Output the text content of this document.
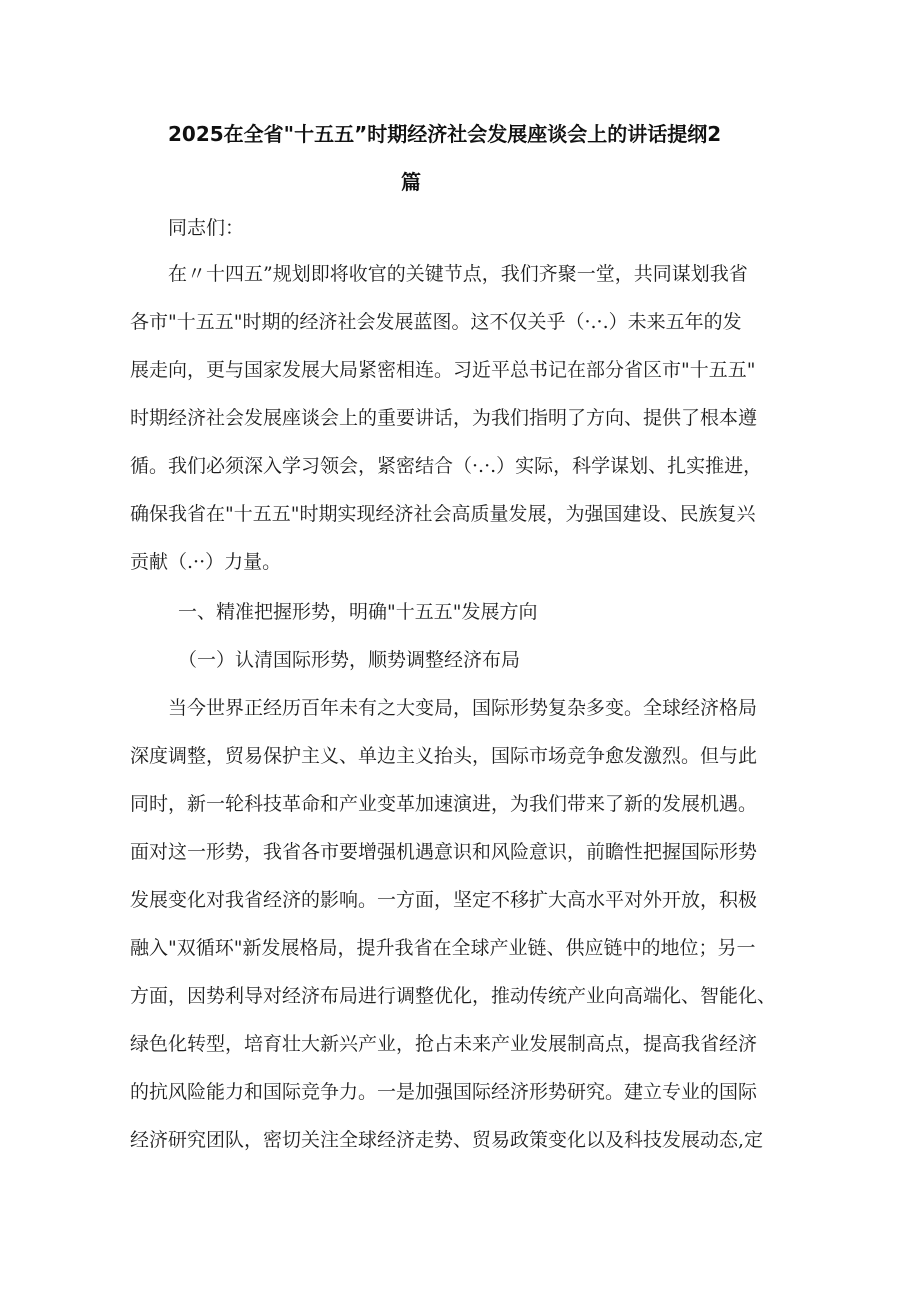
2025在全省"十五五”时期经济社会发展座谈会上的讲话提纲2
篇
同志们：
在〃十四五”规划即将收官的关键节点，我们齐聚一堂，共同谋划我省
各市"十五五"时期的经济社会发展蓝图。这不仅关乎（·.·.）未来五年的发
展走向，更与国家发展大局紧密相连。习近平总书记在部分省区市"十五五"
时期经济社会发展座谈会上的重要讲话，为我们指明了方向、提供了根本遵
循。我们必须深入学习领会，紧密结合（·.·.）实际，科学谋划、扎实推进，
确保我省在"十五五"时期实现经济社会高质量发展，为强国建设、民族复兴
贡献（.··）力量。
一、精准把握形势，明确"十五五"发展方向
（一）认清国际形势，顺势调整经济布局
当今世界正经历百年未有之大变局，国际形势复杂多变。全球经济格局
深度调整，贸易保护主义、单边主义抬头，国际市场竞争愈发激烈。但与此
同时，新一轮科技革命和产业变革加速演进，为我们带来了新的发展机遇。
面对这一形势，我省各市要增强机遇意识和风险意识，前瞻性把握国际形势
发展变化对我省经济的影响。一方面，坚定不移扩大高水平对外开放，积极
融入"双循环"新发展格局，提升我省在全球产业链、供应链中的地位；另一
方面，因势利导对经济布局进行调整优化，推动传统产业向高端化、智能化、
绿色化转型，培育壮大新兴产业，抢占未来产业发展制高点，提高我省经济
的抗风险能力和国际竞争力。一是加强国际经济形势研究。建立专业的国际
经济研究团队，密切关注全球经济走势、贸易政策变化以及科技发展动态,定
